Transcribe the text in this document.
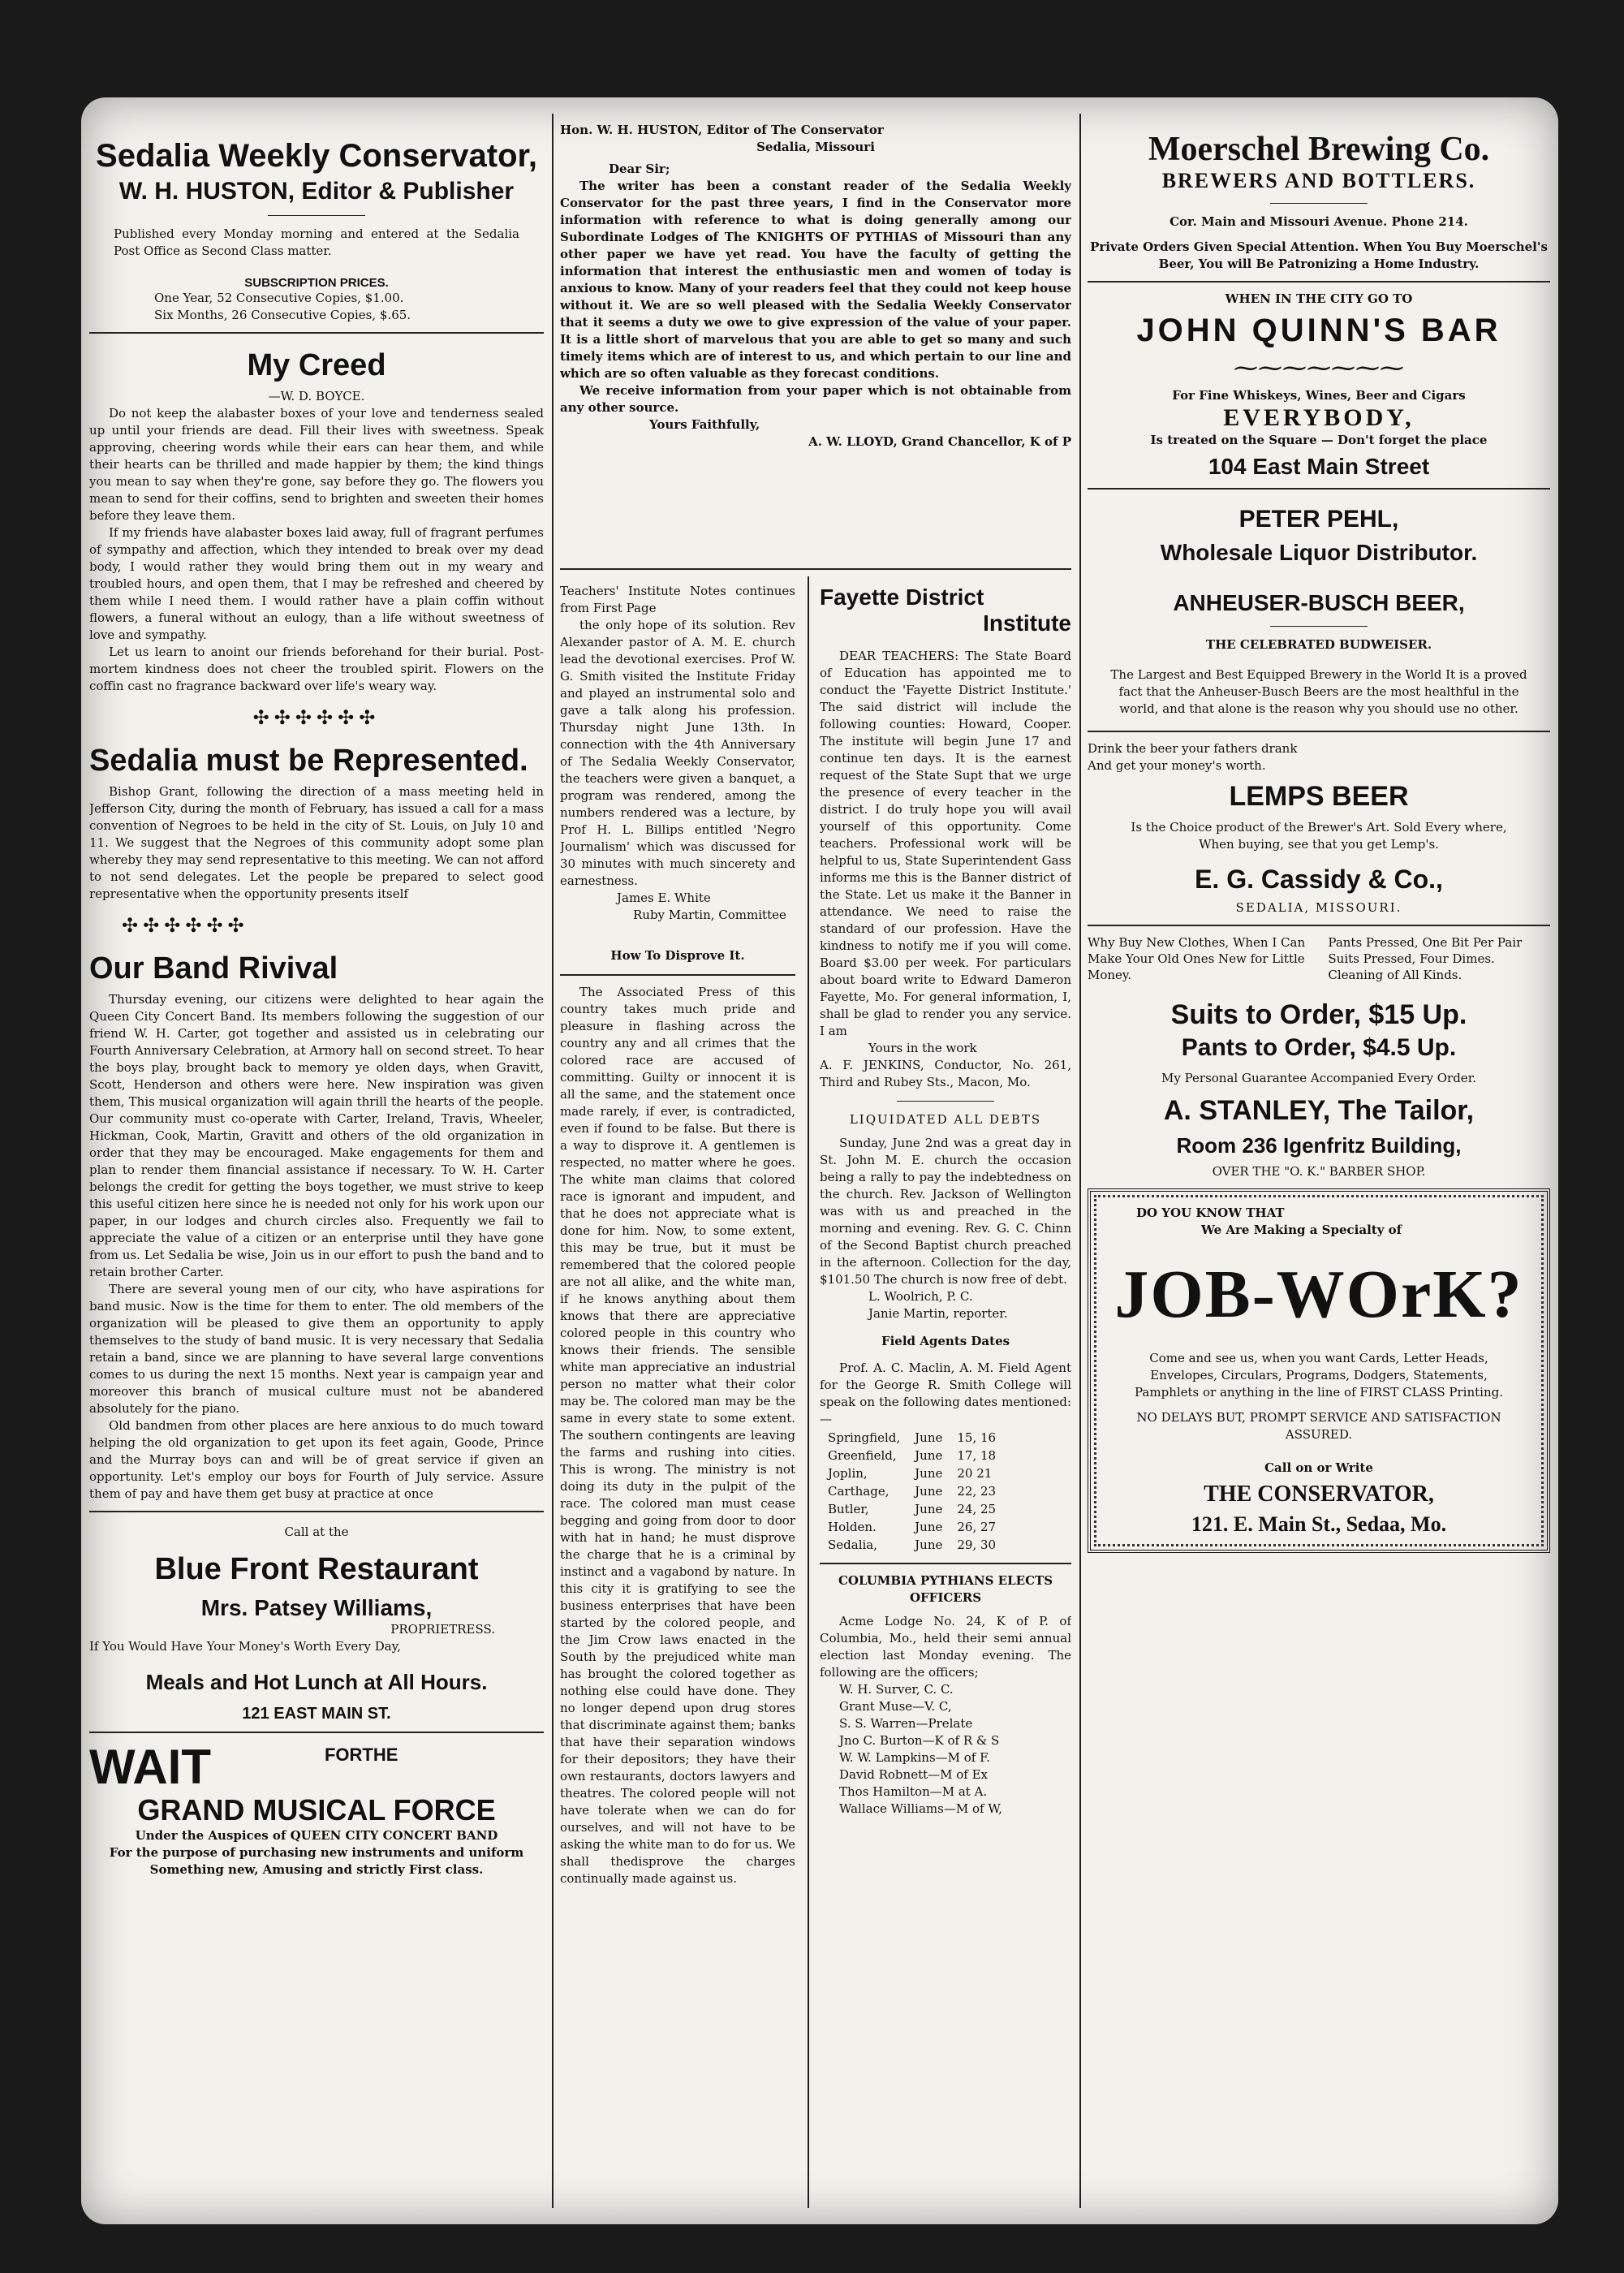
Sedalia Weekly Conservator,
W. H. HUSTON, Editor & Publisher

Published every Monday morning and entered at the Sedalia Post Office as Second Class matter.

SUBSCRIPTION PRICES.
One Year, 52 Consecutive Copies, $1.00.
Six Months, 26 Consecutive Copies, $.65.
My Creed
—W. D. BOYCE.

Do not keep the alabaster boxes of your love and tenderness sealed up until your friends are dead. Fill their lives with sweetness. Speak approving, cheering words while their ears can hear them, and while their hearts can be thrilled and made happier by them; the kind things you mean to say when they're gone, say before they go. The flowers you mean to send for their coffins, send to brighten and sweeten their homes before they leave them.

If my friends have alabaster boxes laid away, full of fragrant perfumes of sympathy and affection, which they intended to break over my dead body, I would rather they would bring them out in my weary and troubled hours, and open them, that I may be refreshed and cheered by them while I need them. I would rather have a plain coffin without flowers, a funeral without an eulogy, than a life without sweetness of love and sympathy.

Let us learn to anoint our friends beforehand for their burial. Post-mortem kindness does not cheer the troubled spirit. Flowers on the coffin cast no fragrance backward over life's weary way.

✣✣✣✣✣✣
Sedalia must be Represented.

Bishop Grant, following the direction of a mass meeting held in Jefferson City, during the month of February, has issued a call for a mass convention of Negroes to be held in the city of St. Louis, on July 10 and 11. We suggest that the Negroes of this community adopt some plan whereby they may send representative to this meeting. We can not afford to not send delegates. Let the people be prepared to select good representative when the opportunity presents itself

✣✣✣✣✣✣
Our Band Rivival

Thursday evening, our citizens were delighted to hear again the Queen City Concert Band. Its members following the suggestion of our friend W. H. Carter, got together and assisted us in celebrating our Fourth Anniversary Celebration, at Armory hall on second street. To hear the boys play, brought back to memory ye olden days, when Gravitt, Scott, Henderson and others were here. New inspiration was given them, This musical organization will again thrill the hearts of the people. Our community must co-operate with Carter, Ireland, Travis, Wheeler, Hickman, Cook, Martin, Gravitt and others of the old organization in order that they may be encouraged. Make engagements for them and plan to render them financial assistance if necessary. To W. H. Carter belongs the credit for getting the boys together, we must strive to keep this useful citizen here since he is needed not only for his work upon our paper, in our lodges and church circles also. Frequently we fail to appreciate the value of a citizen or an enterprise until they have gone from us. Let Sedalia be wise, Join us in our effort to push the band and to retain brother Carter.

There are several young men of our city, who have aspirations for band music. Now is the time for them to enter. The old members of the organization will be pleased to give them an opportunity to apply themselves to the study of band music. It is very necessary that Sedalia retain a band, since we are planning to have several large conventions comes to us during the next 15 months. Next year is campaign year and moreover this branch of musical culture must not be abandered absolutely for the piano.

Old bandmen from other places are here anxious to do much toward helping the old organization to get upon its feet again, Goode, Prince and the Murray boys can and will be of great service if given an opportunity. Let's employ our boys for Fourth of July service. Assure them of pay and have them get busy at practice at once

Call at the
Blue Front Restaurant
Mrs. Patsey Williams,
PROPRIETRESS.
If You Would Have Your Money's Worth Every Day,
Meals and Hot Lunch at All Hours.
121 EAST MAIN ST.
WAIT	FORTHE
GRAND MUSICAL FORCE
Under the Auspices of QUEEN CITY CONCERT BAND
For the purpose of purchasing new instruments and uniform
Something new, Amusing and strictly First class.
Hon. W. H. HUSTON, Editor of The Conservator
Sedalia, Missouri
Dear Sir;

The writer has been a constant reader of the Sedalia Weekly Conservator for the past three years, I find in the Conservator more information with reference to what is doing generally among our Subordinate Lodges of The KNIGHTS OF PYTHIAS of Missouri than any other paper we have yet read. You have the faculty of getting the information that interest the enthusiastic men and women of today is anxious to know. Many of your readers feel that they could not keep house without it. We are so well pleased with the Sedalia Weekly Conservator that it seems a duty we owe to give expression of the value of your paper. It is a little short of marvelous that you are able to get so many and such timely items which are of interest to us, and which pertain to our line and which are so often valuable as they forecast conditions.

We receive information from your paper which is not obtainable from any other source.

Yours Faithfully,
A. W. LLOYD, Grand Chancellor, K of P
Teachers' Institute Notes continues from First Page

the only hope of its solution. Rev Alexander pastor of A. M. E. church lead the devotional exercises. Prof W. G. Smith visited the Institute Friday and played an instrumental solo and gave a talk along his profession. Thursday night June 13th. In connection with the 4th Anniversary of The Sedalia Weekly Conservator, the teachers were given a banquet, a program was rendered, among the numbers rendered was a lecture, by Prof H. L. Billips entitled 'Negro Journalism' which was discussed for 30 minutes with much sincerety and earnestness.

James E. White
Ruby Martin, Committee
How To Disprove It.

The Associated Press of this country takes much pride and pleasure in flashing across the country any and all crimes that the colored race are accused of committing. Guilty or innocent it is all the same, and the statement once made rarely, if ever, is contradicted, even if found to be false. But there is a way to disprove it. A gentlemen is respected, no matter where he goes. The white man claims that colored race is ignorant and impudent, and that he does not appreciate what is done for him. Now, to some extent, this may be true, but it must be remembered that the colored people are not all alike, and the white man, if he knows anything about them knows that there are appreciative colored people in this country who knows their friends. The sensible white man appreciative an industrial person no matter what their color may be. The colored man may be the same in every state to some extent. The southern contingents are leaving the farms and rushing into cities. This is wrong. The ministry is not doing its duty in the pulpit of the race. The colored man must cease begging and going from door to door with hat in hand; he must disprove the charge that he is a criminal by instinct and a vagabond by nature. In this city it is gratifying to see the business enterprises that have been started by the colored people, and the Jim Crow laws enacted in the South by the prejudiced white man has brought the colored together as nothing else could have done. They no longer depend upon drug stores that discriminate against them; banks that have their separation windows for their depositors; they have their own restaurants, doctors lawyers and theatres. The colored people will not have tolerate when we can do for ourselves, and will not have to be asking the white man to do for us. We shall thedisprove the charges continually made against us.

Fayette District
Institute

DEAR TEACHERS: The State Board of Education has appointed me to conduct the 'Fayette District Institute.' The said district will include the following counties: Howard, Cooper. The institute will begin June 17 and continue ten days. It is the earnest request of the State Supt that we urge the presence of every teacher in the district. I do truly hope you will avail yourself of this opportunity. Come teachers. Professional work will be helpful to us, State Superintendent Gass informs me this is the Banner district of the State. Let us make it the Banner in attendance. We need to raise the standard of our profession. Have the kindness to notify me if you will come. Board $3.00 per week. For particulars about board write to Edward Dameron Fayette, Mo. For general information, I, shall be glad to render you any service. I am

Yours in the work
A. F. JENKINS, Conductor, No. 261, Third and Rubey Sts., Macon, Mo.
LIQUIDATED ALL DEBTS

Sunday, June 2nd was a great day in St. John M. E. church the occasion being a rally to pay the indebtedness on the church. Rev. Jackson of Wellington was with us and preached in the morning and evening. Rev. G. C. Chinn of the Second Baptist church preached in the afternoon. Collection for the day, $101.50 The church is now free of debt.

L. Woolrich, P. C.
Janie Martin, reporter.
Field Agents Dates

Prof. A. C. Maclin, A. M. Field Agent for the George R. Smith College will speak on the following dates mentioned:—

Springfield,	June	15, 16
Greenfield,	June	17, 18
Joplin,	June	20 21
Carthage,	June	22, 23
Butler,	June	24, 25
Holden.	June	26, 27
Sedalia,	June	29, 30
COLUMBIA PYTHIANS ELECTS OFFICERS

Acme Lodge No. 24, K of P. of Columbia, Mo., held their semi annual election last Monday evening. The following are the officers;

W. H. Surver, C. C.
Grant Muse—V. C,
S. S. Warren—Prelate
Jno C. Burton—K of R & S
W. W. Lampkins—M of F.
David Robnett—M of Ex
Thos Hamilton—M at A.
Wallace Williams—M of W,
Moerschel Brewing Co.
BREWERS AND BOTTLERS.
Cor. Main and Missouri Avenue. Phone 214.

Private Orders Given Special Attention. When You Buy Moerschel's Beer, You will Be Patronizing a Home Industry.

WHEN IN THE CITY GO TO
JOHN QUINN'S BAR
⁓⁓⁓⁓⁓⁓⁓
For Fine Whiskeys, Wines, Beer and Cigars
EVERYBODY,
Is treated on the Square — Don't forget the place
104 East Main Street
PETER PEHL,
Wholesale Liquor Distributor.
ANHEUSER-BUSCH BEER,
THE CELEBRATED BUDWEISER.

The Largest and Best Equipped Brewery in the World It is a proved fact that the Anheuser-Busch Beers are the most healthful in the world, and that alone is the reason why you should use no other.

Drink the beer your fathers drank
And get your money's worth.
LEMPS BEER

Is the Choice product of the Brewer's Art. Sold Every where, When buying, see that you get Lemp's.

E. G. Cassidy & Co.,
SEDALIA, MISSOURI.
Why Buy New Clothes, When I Can Make Your Old Ones New for Little Money.
Pants Pressed, One Bit Per Pair Suits Pressed, Four Dimes. Cleaning of All Kinds.
Suits to Order, $15 Up.
Pants to Order, $4.5 Up.
My Personal Guarantee Accompanied Every Order.
A. STANLEY, The Tailor,
Room 236 Igenfritz Building,
OVER THE "O. K." BARBER SHOP.
DO YOU KNOW THAT
We Are Making a Specialty of
JOB-WOrK?

Come and see us, when you want Cards, Letter Heads, Envelopes, Circulars, Programs, Dodgers, Statements, Pamphlets or anything in the line of FIRST CLASS Printing.

NO DELAYS BUT, PROMPT SERVICE AND SATISFACTION ASSURED.

Call on or Write
THE CONSERVATOR,
121. E. Main St., Sedaa, Mo.
